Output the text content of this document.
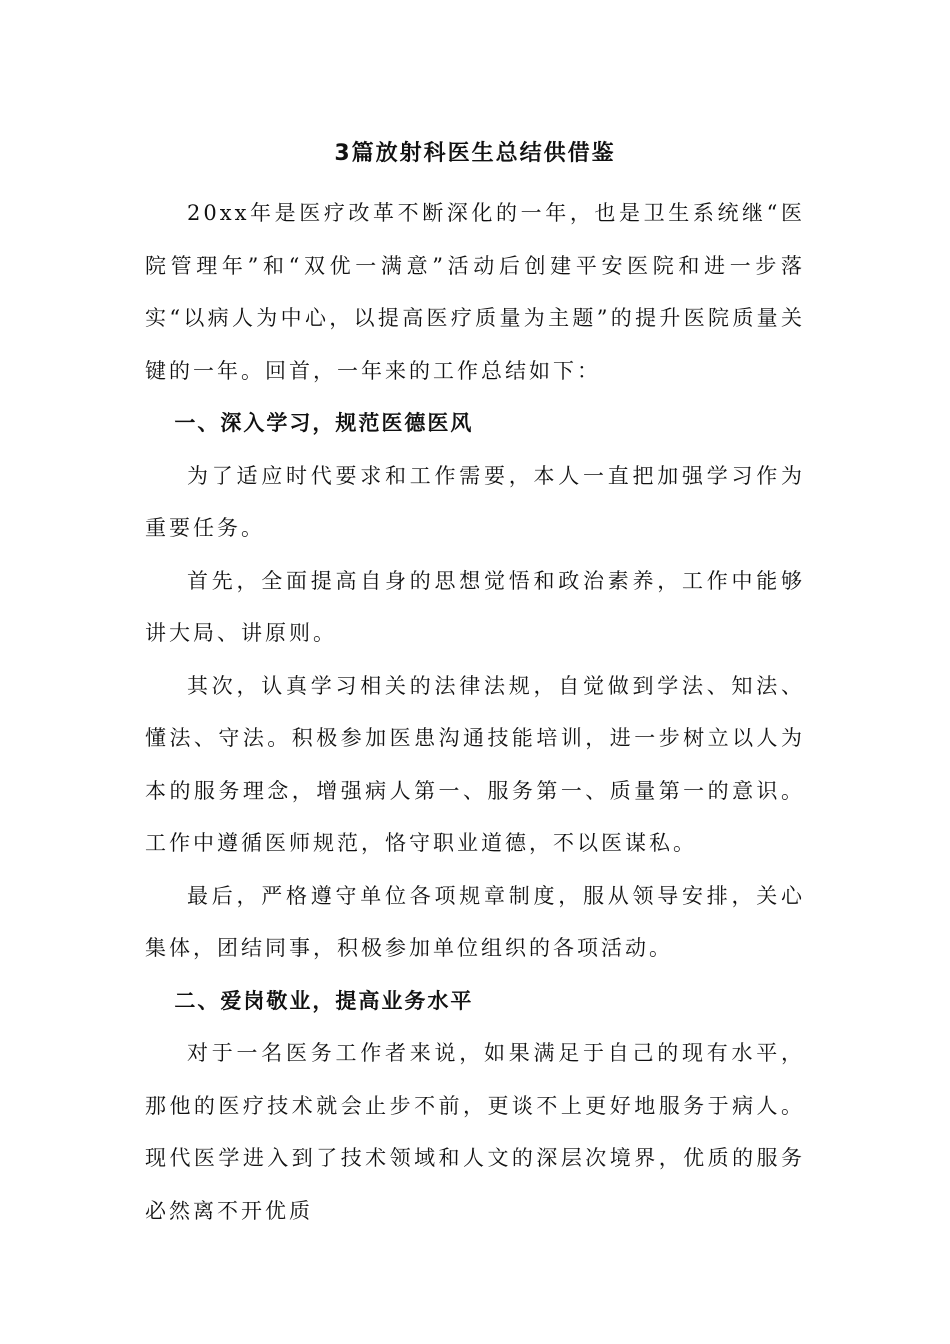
3篇放射科医生总结供借鉴

20xx年是医疗改革不断深化的一年，也是卫生系统继“医院管理年”和“双优一满意”活动后创建平安医院和进一步落实“以病人为中心，以提高医疗质量为主题”的提升医院质量关键的一年。回首，一年来的工作总结如下：

一、深入学习，规范医德医风

为了适应时代要求和工作需要，本人一直把加强学习作为重要任务。

首先，全面提高自身的思想觉悟和政治素养，工作中能够讲大局、讲原则。

其次，认真学习相关的法律法规，自觉做到学法、知法、懂法、守法。积极参加医患沟通技能培训，进一步树立以人为本的服务理念，增强病人第一、服务第一、质量第一的意识。工作中遵循医师规范，恪守职业道德，不以医谋私。

最后，严格遵守单位各项规章制度，服从领导安排，关心集体，团结同事，积极参加单位组织的各项活动。

二、爱岗敬业，提高业务水平

对于一名医务工作者来说，如果满足于自己的现有水平，那他的医疗技术就会止步不前，更谈不上更好地服务于病人。现代医学进入到了技术领域和人文的深层次境界，优质的服务必然离不开优质
